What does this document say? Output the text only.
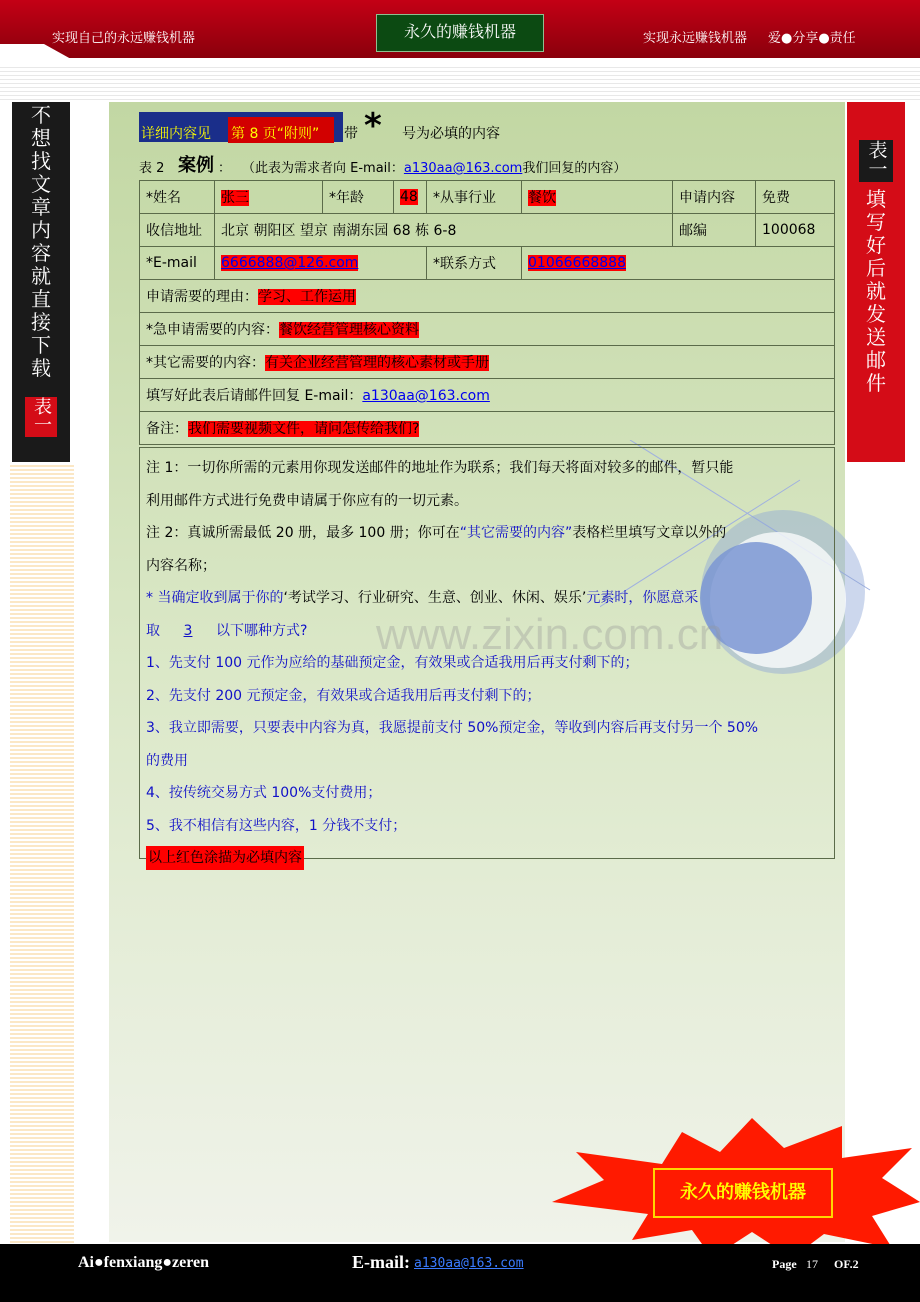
实现自己的永远赚钱机器	永久的赚钱机器	实现永远赚钱机器 爱●分享●责任
不
想
找
文
章
内
容
就
直
接
下
载
表一
表一
填
写
好
后
就
发
送
邮
件
详细内容见 第 8 页“附则” 带 * 号为必填的内容
表 2 案例 ： （此表为需求者向 E-mail：a130aa@163.com我们回复的内容）
*姓名	张三	*年龄	48	*从事行业	餐饮	申请内容	免费
收信地址	北京 朝阳区 望京 南湖东园 68 栋 6-8					邮编	100068
*E-mail	6666888@126.com			*联系方式	01066668888		
申请需要的理由：学习、工作运用							
*急申请需要的内容：餐饮经营管理核心资料							
*其它需要的内容：有关企业经营管理的核心素材或手册							
填写好此表后请邮件回复 E-mail：a130aa@163.com							
备注：我们需要视频文件，请问怎传给我们?							
注 1：一切你所需的元素用你现发送邮件的地址作为联系；我们每天将面对较多的邮件，暂只能
利用邮件方式进行免费申请属于你应有的一切元素。
注 2：真诚所需最低 20 册，最多 100 册；你可在“其它需要的内容”表格栏里填写文章以外的
内容名称；
* 当确定收到属于你的‘考试学习、行业研究、生意、创业、休闲、娱乐’元素时，你愿意采
取 3 以下哪种方式?
1、先支付 100 元作为应给的基础预定金，有效果或合适我用后再支付剩下的；
2、先支付 200 元预定金，有效果或合适我用后再支付剩下的；
3、我立即需要，只要表中内容为真，我愿提前支付 50%预定金，等收到内容后再支付另一个 50%
的费用
4、按传统交易方式 100%支付费用；
5、我不相信有这些内容，1 分钱不支付；
以上红色涂描为必填内容
www.zixin.com.cn
永久的赚钱机器
Ai●fenxiang●zeren	E-mail: a130aa@163.com	Page 17 OF.2
